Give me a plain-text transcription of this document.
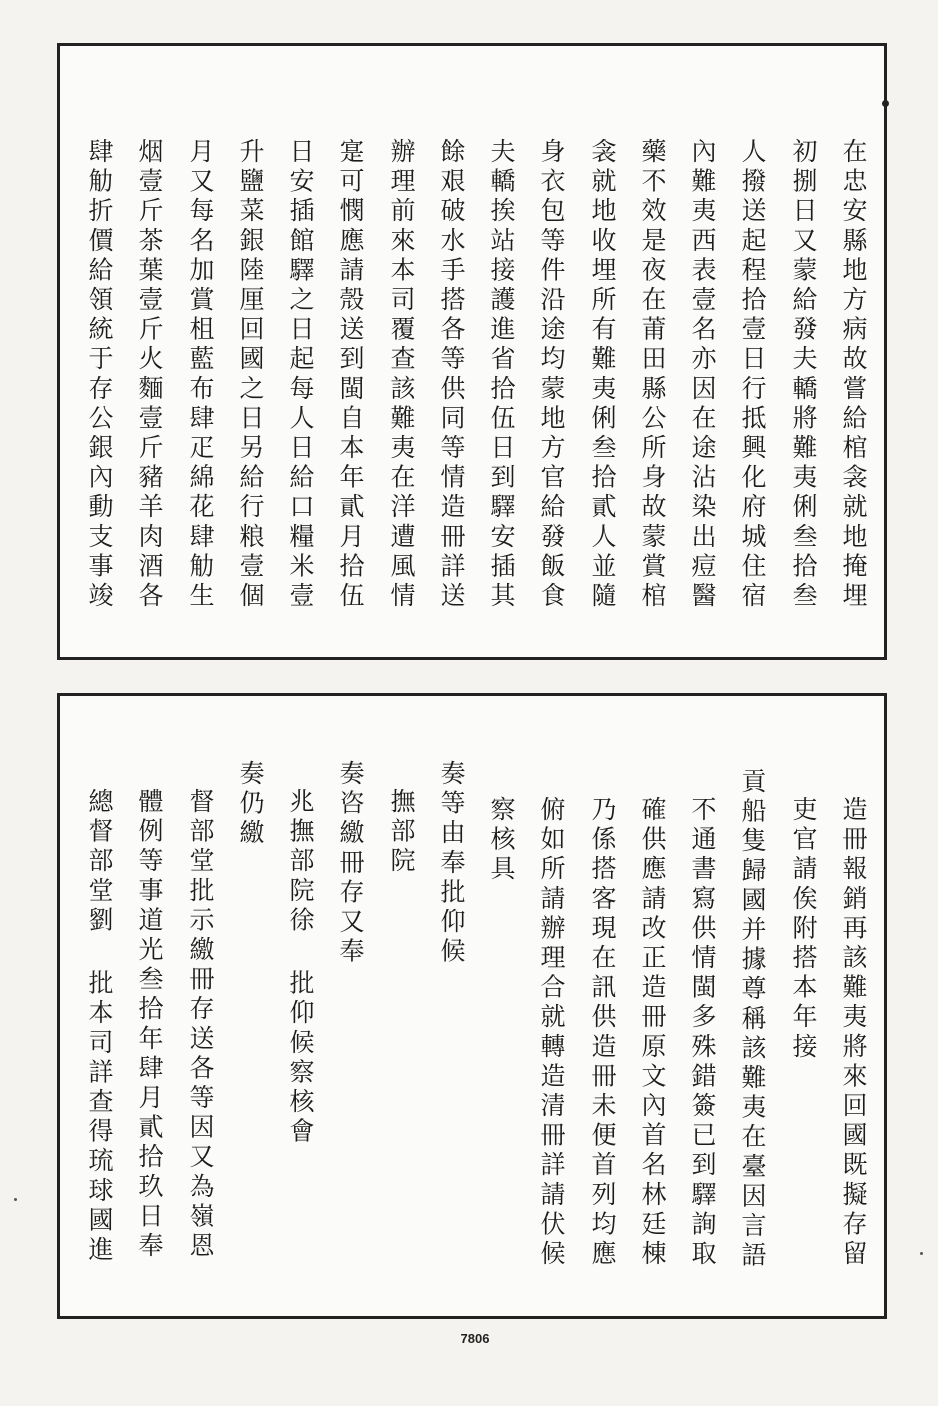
在忠安縣地方病故嘗給棺衾就地掩埋
初捌日又蒙給發夫轎將難夷俐叁拾叁
人撥送起程拾壹日行抵興化府城住宿
內難夷西表壹名亦因在途沾染出痘醫
藥不效是夜在莆田縣公所身故蒙賞棺
衾就地收埋所有難夷俐叁拾貳人並隨
身衣包等件沿途均蒙地方官給發飯食
夫轎挨站接護進省拾伍日到驛安插其
餘艰破水手搭各等供同等情造冊詳送
辦理前來本司覆查該難夷在洋遭風情
寔可憫應請殼送到閩自本年貳月拾伍
日安插館驛之日起每人日給口糧米壹
升鹽菜銀陸厘回國之日另給行粮壹個
月又每名加賞柤藍布肆疋綿花肆觔生
烟壹斤茶葉壹斤火麵壹斤豬羊肉酒各
肆觔折價給領統于存公銀內動支事竣
造冊報銷再該難夷將來回國既擬存留
吏官請俟附搭本年接
貢船隻歸國并據尊稱該難夷在臺因言語
不通書寫供情閩多殊錯簽已到驛詢取
確供應請改正造冊原文內首名林廷棟
乃係搭客現在訊供造冊未便首列均應
俯如所請辦理合就轉造清冊詳請伏候
察核具
奏等由奉批仰候
撫部院
奏咨繳冊存又奉
兆撫部院徐 批仰候察核會
奏仍繳
督部堂批示繳冊存送各等因又為嶺恩
體例等事道光叁拾年肆月貳拾玖日奉
總督部堂劉 批本司詳查得琉球國進
7806
